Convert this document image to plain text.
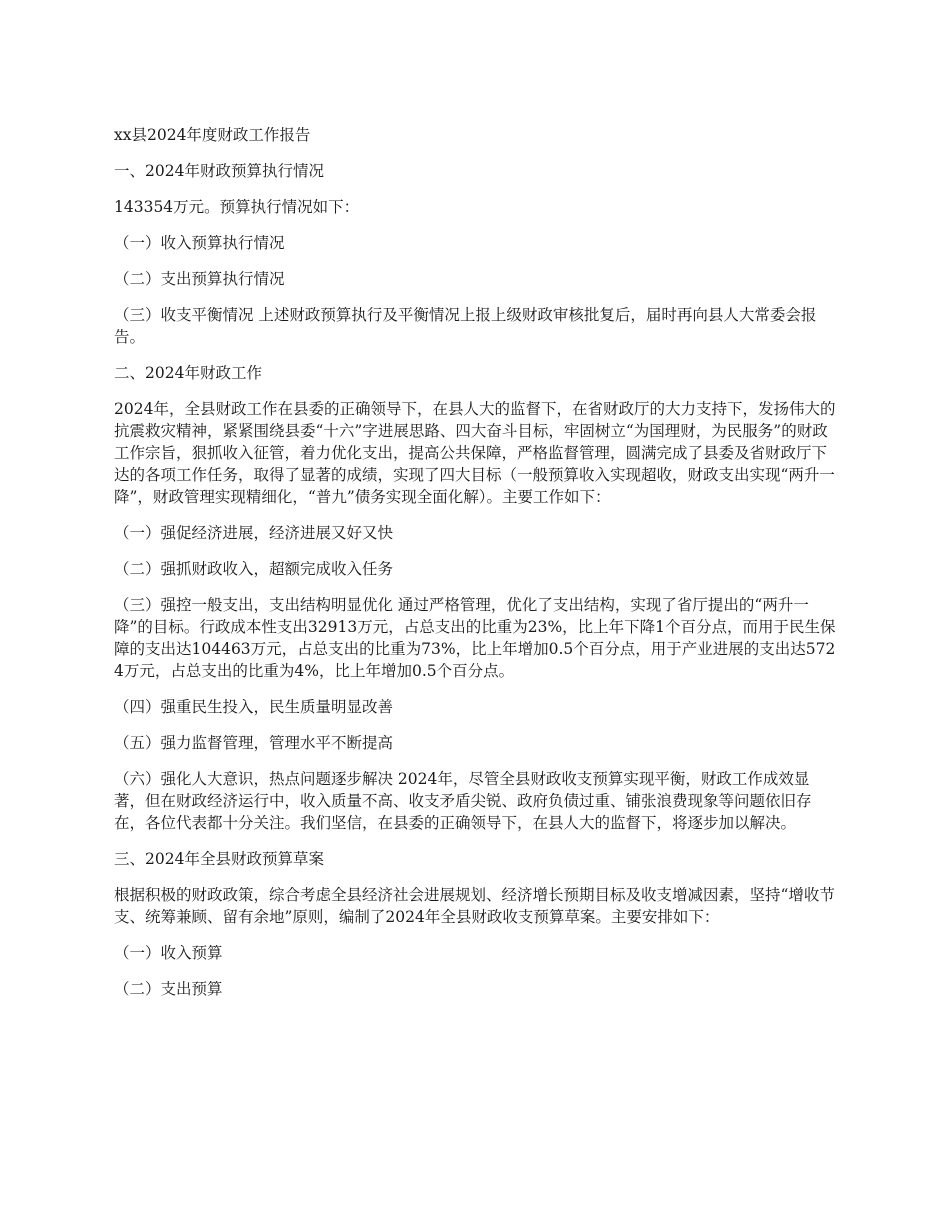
xx县2024年度财政工作报告

一、2024年财政预算执行情况

143354万元。预算执行情况如下：

（一）收入预算执行情况

（二）支出预算执行情况

（三）收支平衡情况 上述财政预算执行及平衡情况上报上级财政审核批复后，届时再向县人大常委会报告。

二、2024年财政工作

2024年，全县财政工作在县委的正确领导下，在县人大的监督下，在省财政厅的大力支持下，发扬伟大的抗震救灾精神，紧紧围绕县委“十六”字进展思路、四大奋斗目标，牢固树立“为国理财，为民服务”的财政工作宗旨，狠抓收入征管，着力优化支出，提高公共保障，严格监督管理，圆满完成了县委及省财政厅下达的各项工作任务，取得了显著的成绩，实现了四大目标（一般预算收入实现超收，财政支出实现“两升一降”，财政管理实现精细化，“普九”债务实现全面化解）。主要工作如下：

（一）强促经济进展，经济进展又好又快

（二）强抓财政收入，超额完成收入任务

（三）强控一般支出，支出结构明显优化 通过严格管理，优化了支出结构，实现了省厅提出的“两升一降”的目标。行政成本性支出32913万元，占总支出的比重为23%，比上年下降1个百分点，而用于民生保障的支出达104463万元，占总支出的比重为73%，比上年增加0.5个百分点，用于产业进展的支出达5724万元，占总支出的比重为4%，比上年增加0.5个百分点。

（四）强重民生投入，民生质量明显改善

（五）强力监督管理，管理水平不断提高

（六）强化人大意识，热点问题逐步解决 2024年，尽管全县财政收支预算实现平衡，财政工作成效显著，但在财政经济运行中，收入质量不高、收支矛盾尖锐、政府负债过重、铺张浪费现象等问题依旧存在，各位代表都十分关注。我们坚信，在县委的正确领导下，在县人大的监督下，将逐步加以解决。

三、2024年全县财政预算草案

根据积极的财政政策，综合考虑全县经济社会进展规划、经济增长预期目标及收支增减因素，坚持“增收节支、统筹兼顾、留有余地”原则，编制了2024年全县财政收支预算草案。主要安排如下：

（一）收入预算

（二）支出预算
